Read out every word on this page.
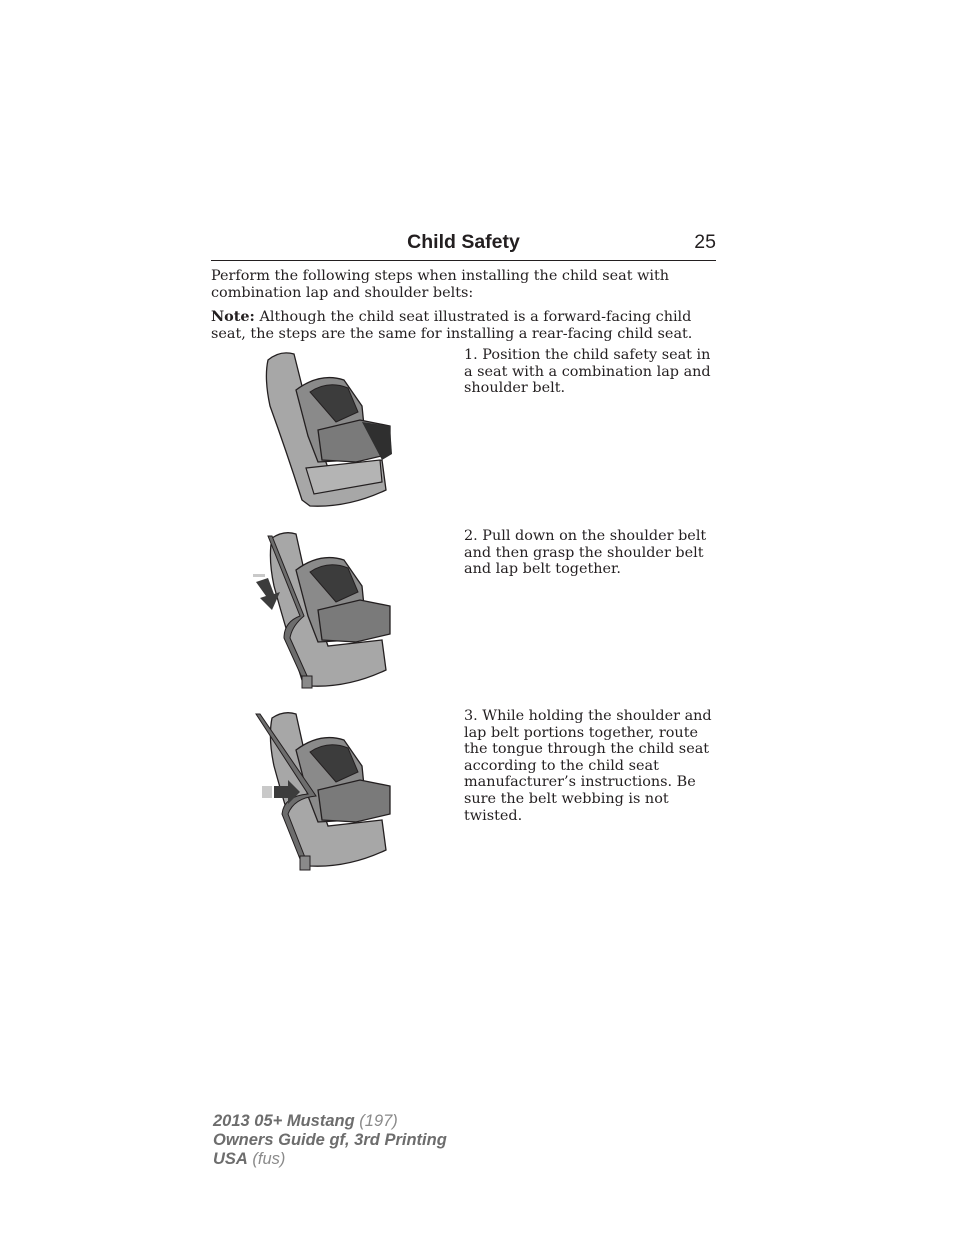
Child Safety	25

Perform the following steps when installing the child seat with combination lap and shoulder belts:

Note: Although the child seat illustrated is a forward-facing child seat, the steps are the same for installing a rear-facing child seat.

1. Position the child safety seat in a seat with a combination lap and shoulder belt.

2. Pull down on the shoulder belt and then grasp the shoulder belt and lap belt together.

3. While holding the shoulder and lap belt portions together, route the tongue through the child seat according to the child seat manufacturer’s instructions. Be sure the belt webbing is not twisted.

2013 05+ Mustang (197)
Owners Guide gf, 3rd Printing
USA (fus)
